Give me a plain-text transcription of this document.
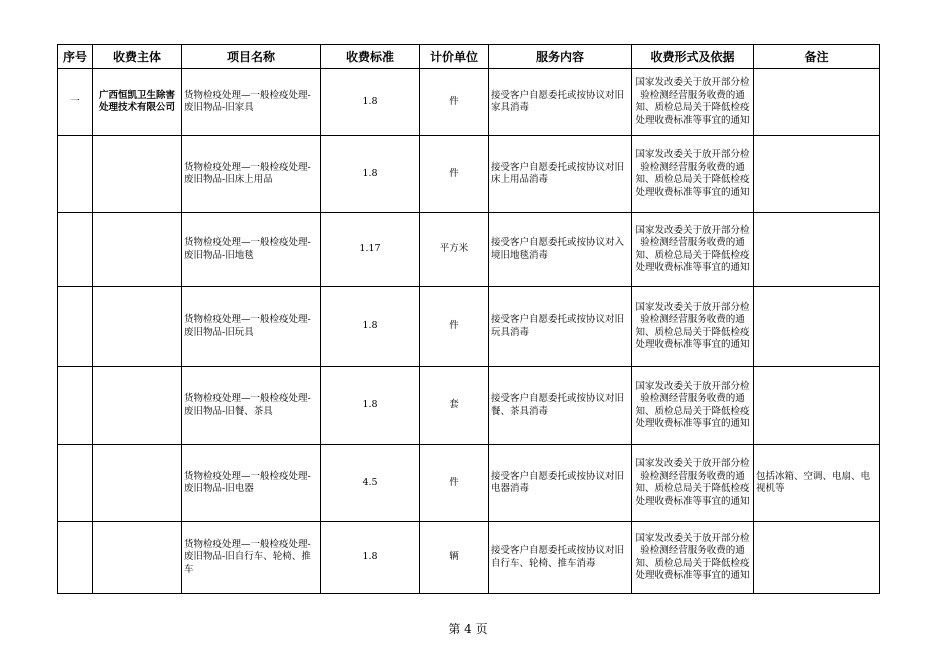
序号	收费主体	项目名称	收费标准	计价单位	服务内容	收费形式及依据	备注
一	广西恒凯卫生除害处理技术有限公司	货物检疫处理—一般检疫处理-废旧物品-旧家具	1.8	件	接受客户自愿委托或按协议对旧家具消毒	国家发改委关于放开部分检验检测经营服务收费的通知、质检总局关于降低检疫处理收费标准等事宜的通知	
		货物检疫处理—一般检疫处理-废旧物品-旧床上用品	1.8	件	接受客户自愿委托或按协议对旧床上用品消毒	国家发改委关于放开部分检验检测经营服务收费的通知、质检总局关于降低检疫处理收费标准等事宜的通知	
		货物检疫处理—一般检疫处理-废旧物品-旧地毯	1.17	平方米	接受客户自愿委托或按协议对入境旧地毯消毒	国家发改委关于放开部分检验检测经营服务收费的通知、质检总局关于降低检疫处理收费标准等事宜的通知	
		货物检疫处理—一般检疫处理-废旧物品-旧玩具	1.8	件	接受客户自愿委托或按协议对旧玩具消毒	国家发改委关于放开部分检验检测经营服务收费的通知、质检总局关于降低检疫处理收费标准等事宜的通知	
		货物检疫处理—一般检疫处理-废旧物品-旧餐、茶具	1.8	套	接受客户自愿委托或按协议对旧餐、茶具消毒	国家发改委关于放开部分检验检测经营服务收费的通知、质检总局关于降低检疫处理收费标准等事宜的通知	
		货物检疫处理—一般检疫处理-废旧物品-旧电器	4.5	件	接受客户自愿委托或按协议对旧电器消毒	国家发改委关于放开部分检验检测经营服务收费的通知、质检总局关于降低检疫处理收费标准等事宜的通知	包括冰箱、空调、电扇、电视机等
		货物检疫处理—一般检疫处理-废旧物品-旧自行车、轮椅、推车	1.8	辆	接受客户自愿委托或按协议对旧自行车、轮椅、推车消毒	国家发改委关于放开部分检验检测经营服务收费的通知、质检总局关于降低检疫处理收费标准等事宜的通知	
第 4 页
